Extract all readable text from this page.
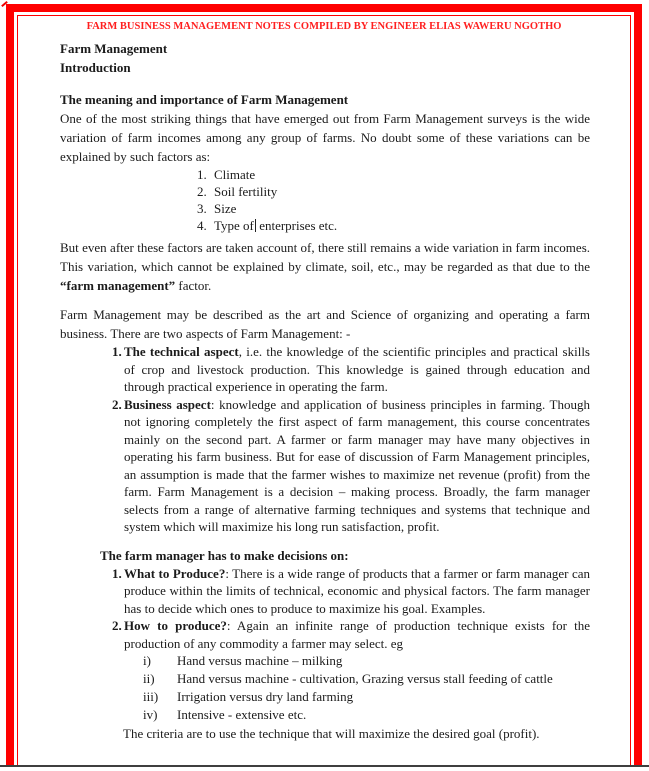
FARM BUSINESS MANAGEMENT NOTES COMPILED BY ENGINEER ELIAS WAWERU NGOTHO

Farm Management

Introduction

The meaning and importance of Farm Management

One of the most striking things that have emerged out from Farm Management surveys is the wide variation of farm incomes among any group of farms. No doubt some of these variations can be explained by such factors as:

1. Climate
2. Soil fertility
3. Size
4. Type of enterprises etc.

But even after these factors are taken account of, there still remains a wide variation in farm incomes. This variation, which cannot be explained by climate, soil, etc., may be regarded as that due to the “farm management” factor.

Farm Management may be described as the art and Science of organizing and operating a farm business. There are two aspects of Farm Management: -

1. The technical aspect, i.e. the knowledge of the scientific principles and practical skills of crop and livestock production. This knowledge is gained through education and through practical experience in operating the farm.
2. Business aspect: knowledge and application of business principles in farming. Though not ignoring completely the first aspect of farm management, this course concentrates mainly on the second part. A farmer or farm manager may have many objectives in operating his farm business. But for ease of discussion of Farm Management principles, an assumption is made that the farmer wishes to maximize net revenue (profit) from the farm. Farm Management is a decision – making process. Broadly, the farm manager selects from a range of alternative farming techniques and systems that technique and system which will maximize his long run satisfaction, profit.

The farm manager has to make decisions on:

1. What to Produce?: There is a wide range of products that a farmer or farm manager can produce within the limits of technical, economic and physical factors. The farm manager has to decide which ones to produce to maximize his goal. Examples.
2. How to produce?: Again an infinite range of production technique exists for the production of any commodity a farmer may select. eg
i)	Hand versus machine – milking
ii)	Hand versus machine - cultivation, Grazing versus stall feeding of cattle
iii)	Irrigation versus dry land farming
iv)	Intensive - extensive etc.

The criteria are to use the technique that will maximize the desired goal (profit).
